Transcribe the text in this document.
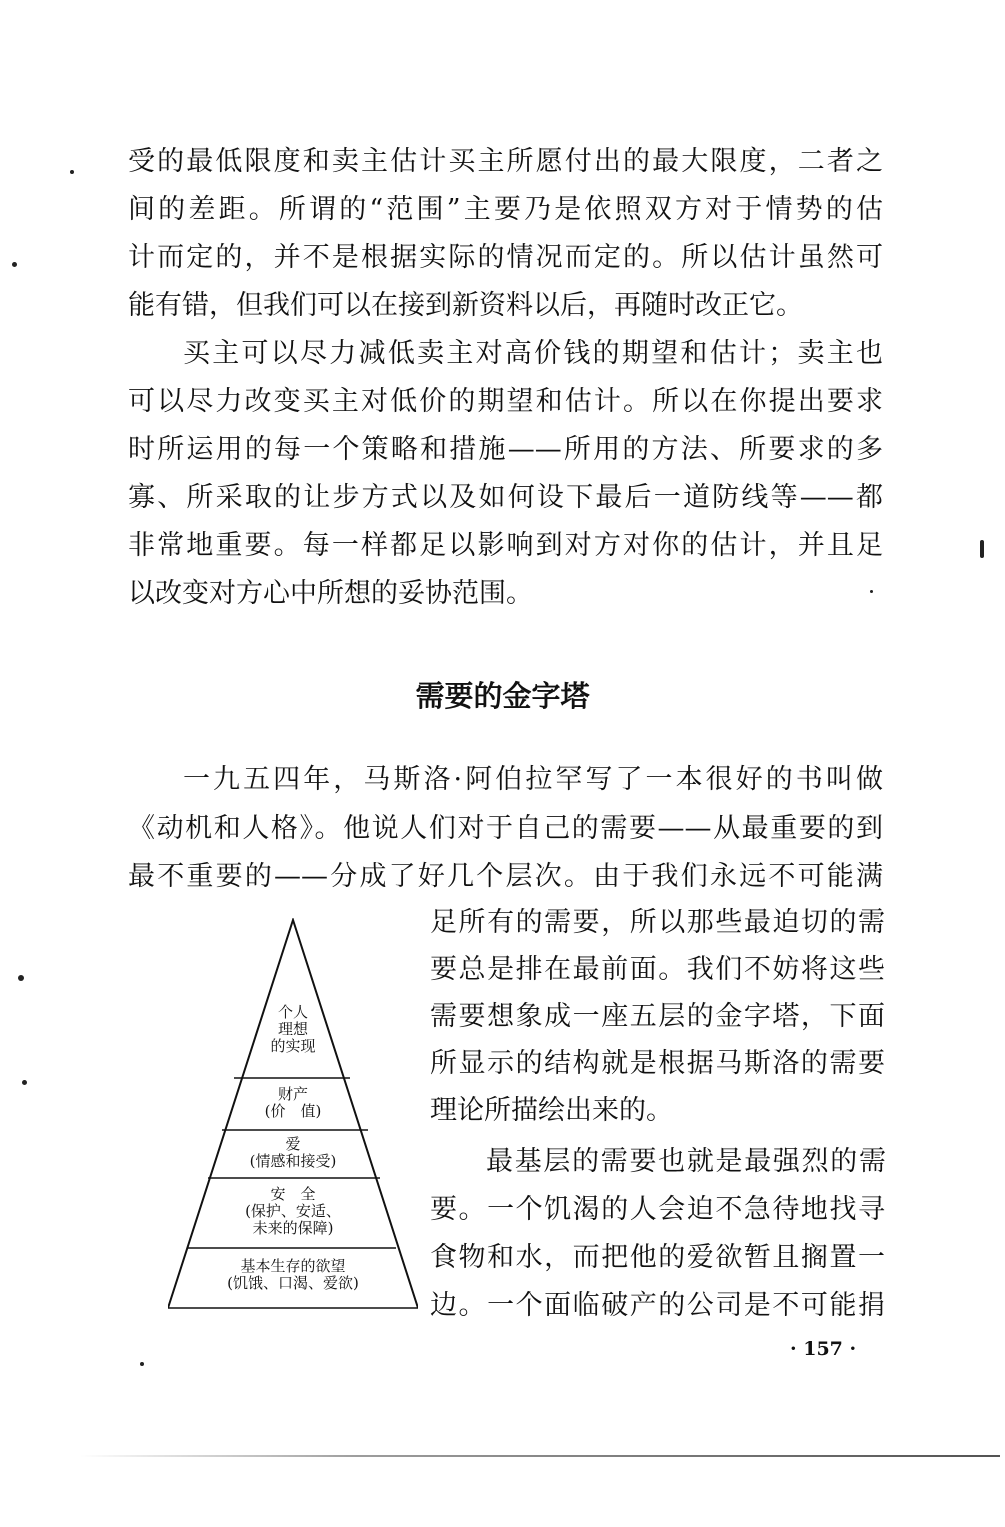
受的最低限度和卖主估计买主所愿付出的最大限度，二者之
间的差距。所谓的“范围”主要乃是依照双方对于情势的估
计而定的，并不是根据实际的情况而定的。所以估计虽然可
能有错，但我们可以在接到新资料以后，再随时改正它。
买主可以尽力减低卖主对高价钱的期望和估计；卖主也
可以尽力改变买主对低价的期望和估计。所以在你提出要求
时所运用的每一个策略和措施——所用的方法、所要求的多
寡、所采取的让步方式以及如何设下最后一道防线等——都
非常地重要。每一样都足以影响到对方对你的估计，并且足
以改变对方心中所想的妥协范围。
需要的金字塔
一九五四年，马斯洛·阿伯拉罕写了一本很好的书叫做
《动机和人格》。他说人们对于自己的需要——从最重要的到
最不重要的——分成了好几个层次。由于我们永远不可能满
足所有的需要，所以那些最迫切的需
要总是排在最前面。我们不妨将这些
需要想象成一座五层的金字塔，下面
所显示的结构就是根据马斯洛的需要
理论所描绘出来的。
最基层的需要也就是最强烈的需
要。一个饥渴的人会迫不急待地找寻
食物和水，而把他的爱欲暂且搁置一
边。一个面临破产的公司是不可能捐
个人
理想
的实现
财产
(价　值)
爱
(情感和接受)
安　全
(保护、安适、
未来的保障)
基本生存的欲望
(饥饿、口渴、爱欲)
· 157 ·
